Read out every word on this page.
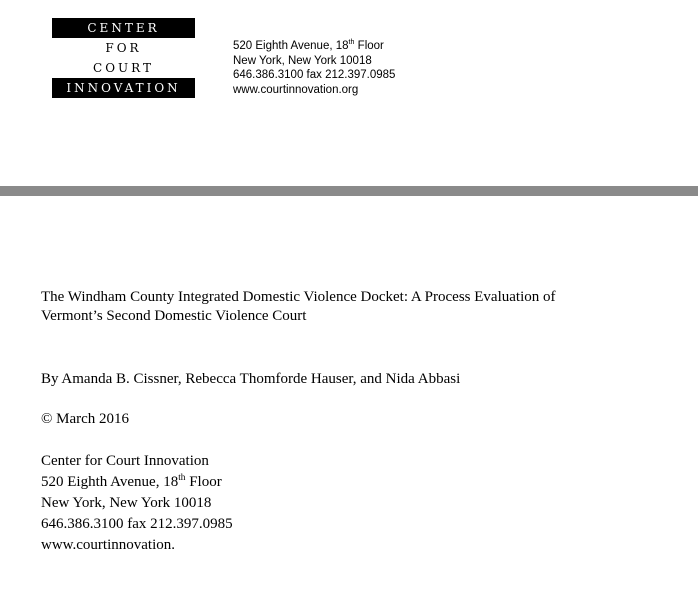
CENTER
FOR
COURT
INNOVATION
520 Eighth Avenue, 18th Floor
New York, New York 10018
646.386.3100 fax 212.397.0985
www.courtinnovation.org
The Windham County Integrated Domestic Violence Docket: A Process Evaluation of
Vermont’s Second Domestic Violence Court
By Amanda B. Cissner, Rebecca Thomforde Hauser, and Nida Abbasi
© March 2016
Center for Court Innovation
520 Eighth Avenue, 18th Floor
New York, New York 10018
646.386.3100 fax 212.397.0985
www.courtinnovation.
